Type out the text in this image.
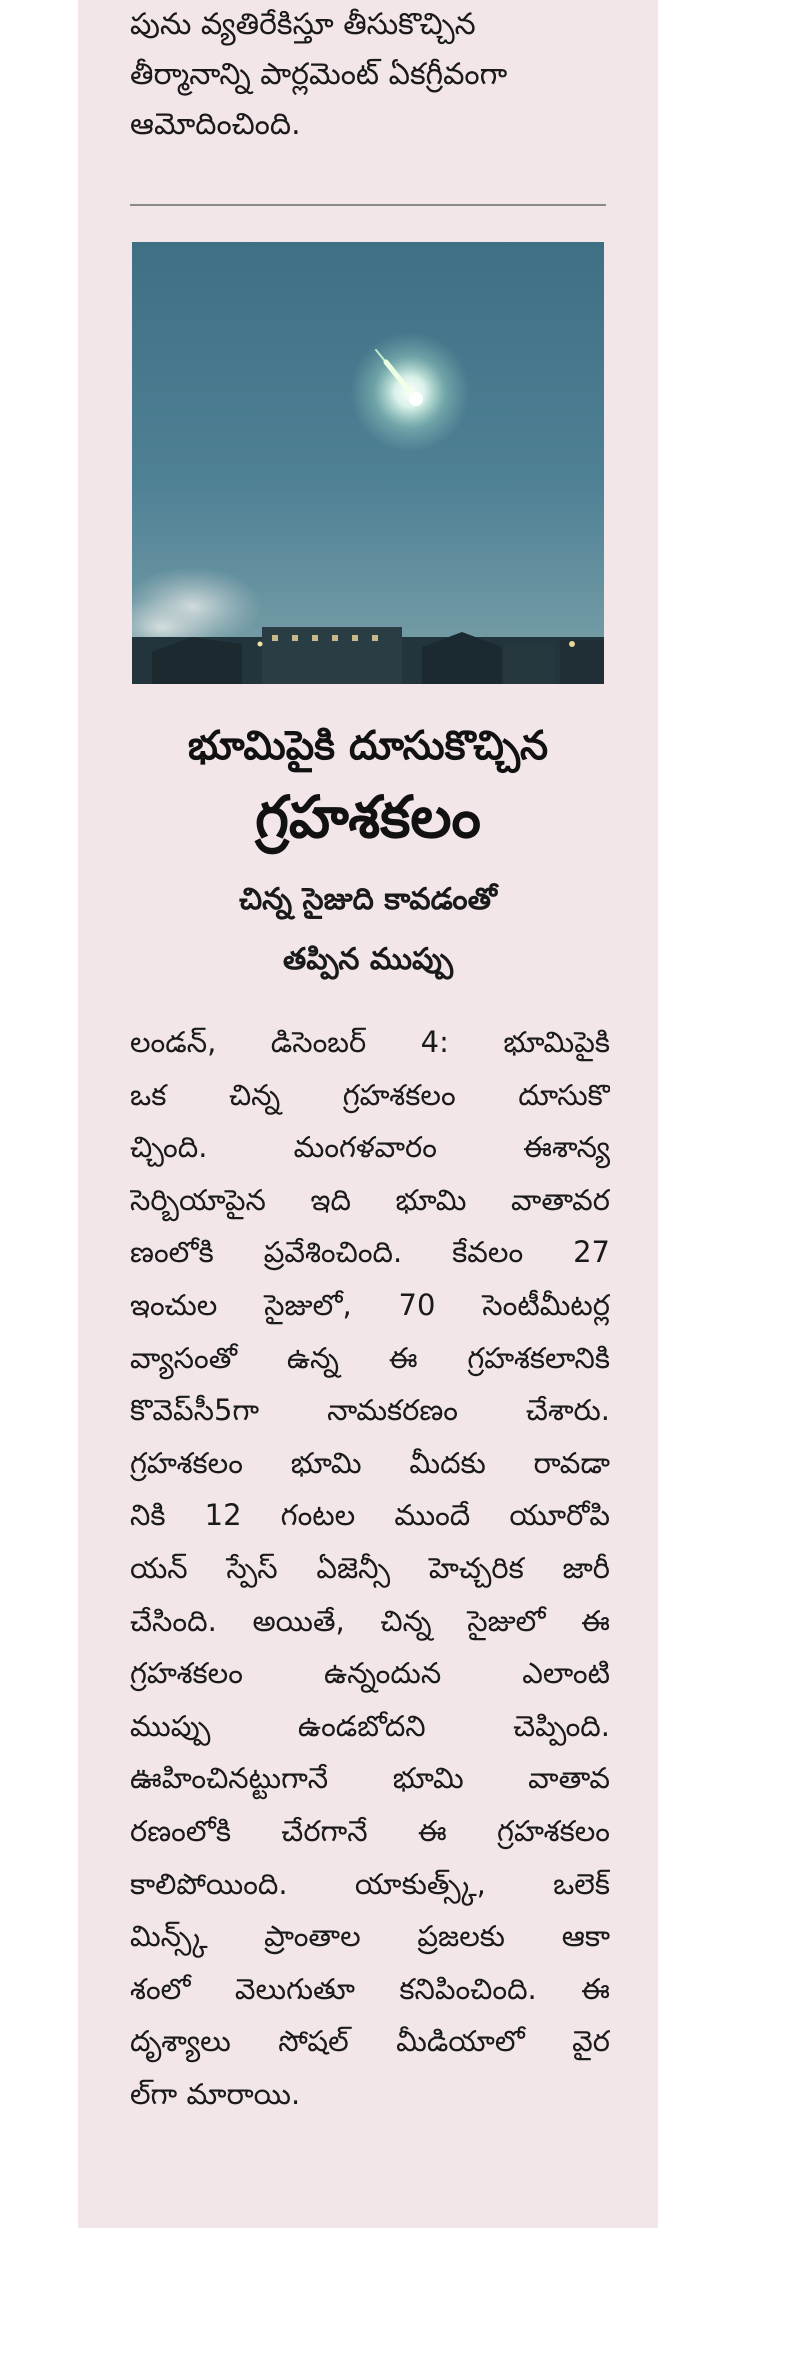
పును వ్యతిరేకిస్తూ తీసుకొచ్చిన
తీర్మానాన్ని పార్లమెంట్ ఏకగ్రీవంగా
ఆమోదించింది.
భూమిపైకి దూసుకొచ్చిన
గ్రహశకలం
చిన్న సైజుది కావడంతో
తప్పిన ముప్పు
లండన్, డిసెంబర్ 4: భూమిపైకి
ఒక చిన్న గ్రహశకలం దూసుకొ
చ్చింది. మంగళవారం ఈశాన్య
సెర్బియాపైన ఇది భూమి వాతావర
ణంలోకి ప్రవేశించింది. కేవలం 27
ఇంచుల సైజులో, 70 సెంటీమీటర్ల
వ్యాసంతో ఉన్న ఈ గ్రహశకలానికి
కొవెప్‌సీ5గా నామకరణం చేశారు.
గ్రహశకలం భూమి మీదకు రావడా
నికి 12 గంటల ముందే యూరోపి
యన్ స్పేస్ ఏజెన్సీ హెచ్చరిక జారీ
చేసింది. అయితే, చిన్న సైజులో ఈ
గ్రహశకలం ఉన్నందున ఎలాంటి
ముప్పు ఉండబోదని చెప్పింది.
ఊహించినట్టుగానే భూమి వాతావ
రణంలోకి చేరగానే ఈ గ్రహశకలం
కాలిపోయింది. యాకుత్స్క్, ఒలెక్
మిన్స్క్ ప్రాంతాల ప్రజలకు ఆకా
శంలో వెలుగుతూ కనిపించింది. ఈ
దృశ్యాలు సోషల్ మీడియాలో వైర
ల్‌గా మారాయి.
